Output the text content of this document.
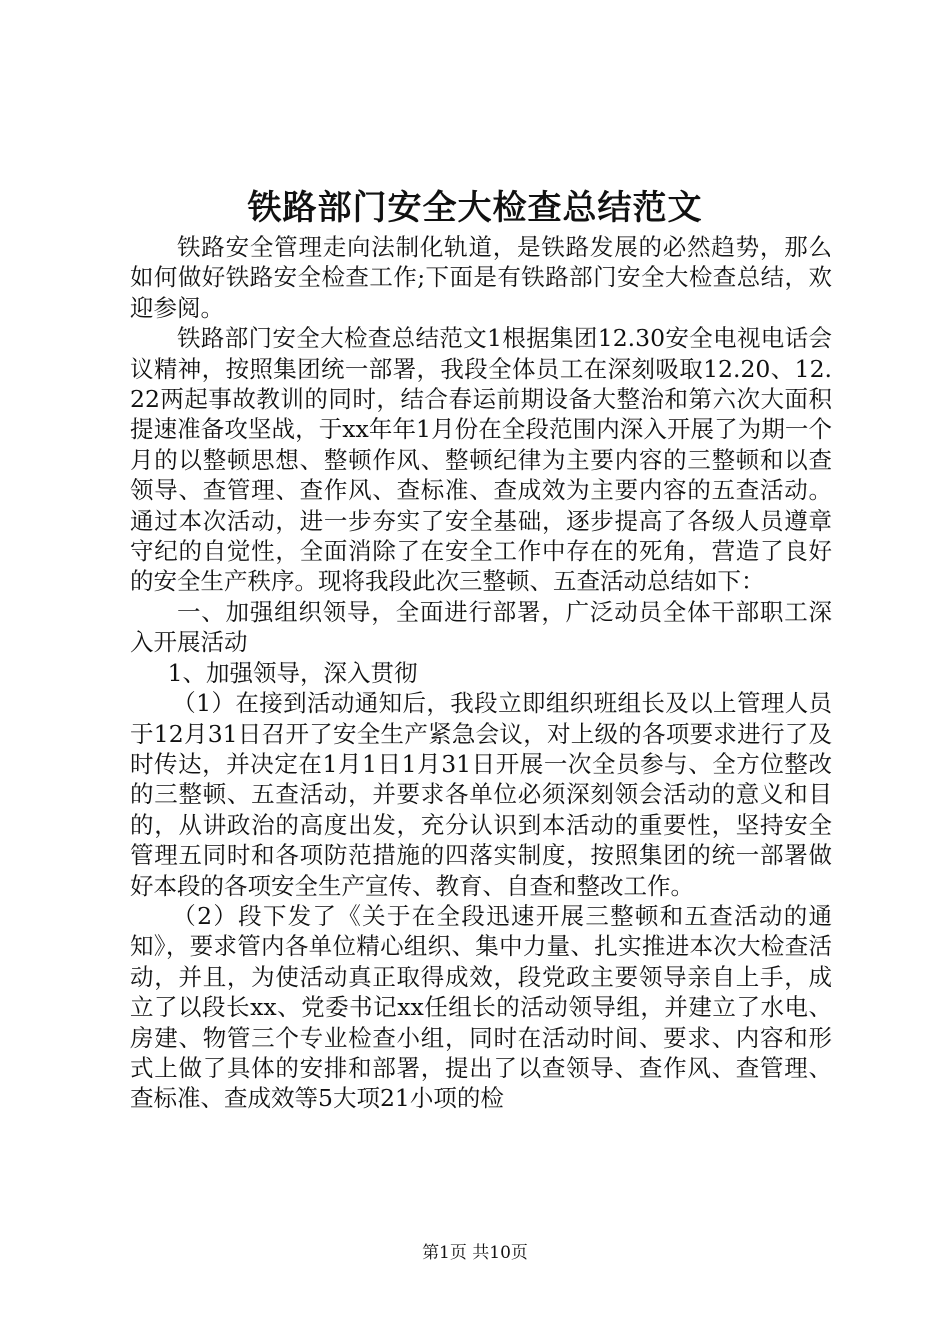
铁路部门安全大检查总结范文

铁路安全管理走向法制化轨道，是铁路发展的必然趋势，那么如何做好铁路安全检查工作;下面是有铁路部门安全大检查总结，欢迎参阅。

铁路部门安全大检查总结范文1根据集团12.30安全电视电话会议精神，按照集团统一部署，我段全体员工在深刻吸取12.20、12.22两起事故教训的同时，结合春运前期设备大整治和第六次大面积提速准备攻坚战，于xx年年1月份在全段范围内深入开展了为期一个月的以整顿思想、整顿作风、整顿纪律为主要内容的三整顿和以查领导、查管理、查作风、查标准、查成效为主要内容的五查活动。通过本次活动，进一步夯实了安全基础，逐步提高了各级人员遵章守纪的自觉性，全面消除了在安全工作中存在的死角，营造了良好的安全生产秩序。现将我段此次三整顿、五查活动总结如下：

一、加强组织领导，全面进行部署，广泛动员全体干部职工深入开展活动

1、加强领导，深入贯彻

（1）在接到活动通知后，我段立即组织班组长及以上管理人员于12月31日召开了安全生产紧急会议，对上级的各项要求进行了及时传达，并决定在1月1日1月31日开展一次全员参与、全方位整改的三整顿、五查活动，并要求各单位必须深刻领会活动的意义和目的，从讲政治的高度出发，充分认识到本活动的重要性，坚持安全管理五同时和各项防范措施的四落实制度，按照集团的统一部署做好本段的各项安全生产宣传、教育、自查和整改工作。

（2）段下发了《关于在全段迅速开展三整顿和五查活动的通知》，要求管内各单位精心组织、集中力量、扎实推进本次大检查活动，并且，为使活动真正取得成效，段党政主要领导亲自上手，成立了以段长xx、党委书记xx任组长的活动领导组，并建立了水电、房建、物管三个专业检查小组，同时在活动时间、要求、内容和形式上做了具体的安排和部署，提出了以查领导、查作风、查管理、查标准、查成效等5大项21小项的检

第1页 共10页
